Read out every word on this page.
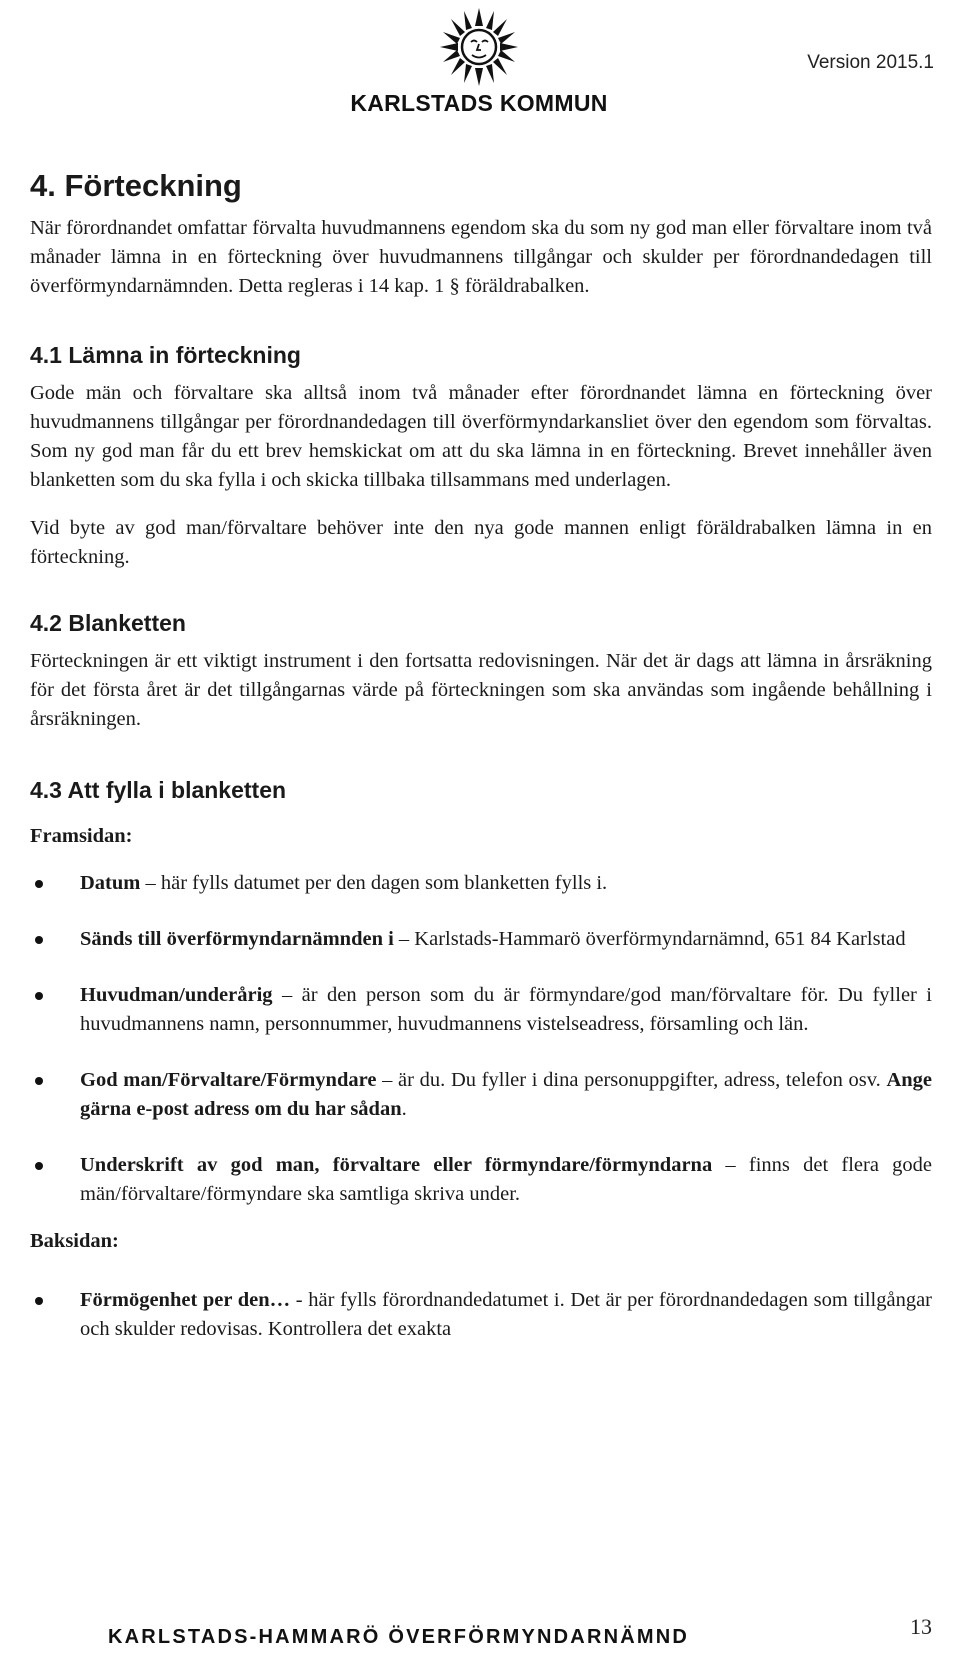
KARLSTADS KOMMUN
Version 2015.1
4. Förteckning

När förordnandet omfattar förvalta huvudmannens egendom ska du som ny god man eller förvaltare inom två månader lämna in en förteckning över huvudmannens tillgångar och skulder per förordnandedagen till överförmyndarnämnden. Detta regleras i 14 kap. 1 § föräldrabalken.

4.1 Lämna in förteckning

Gode män och förvaltare ska alltså inom två månader efter förordnandet lämna en förteckning över huvudmannens tillgångar per förordnandedagen till överförmyndarkansliet över den egendom som förvaltas. Som ny god man får du ett brev hemskickat om att du ska lämna in en förteckning. Brevet innehåller även blanketten som du ska fylla i och skicka tillbaka tillsammans med underlagen.

Vid byte av god man/förvaltare behöver inte den nya gode mannen enligt föräldrabalken lämna in en förteckning.

4.2 Blanketten

Förteckningen är ett viktigt instrument i den fortsatta redovisningen. När det är dags att lämna in årsräkning för det första året är det tillgångarnas värde på förteckningen som ska användas som ingående behållning i årsräkningen.

4.3 Att fylla i blanketten
Framsidan:
Datum – här fylls datumet per den dagen som blanketten fylls i.
Sänds till överförmyndarnämnden i – Karlstads-Hammarö överförmyndarnämnd, 651 84 Karlstad
Huvudman/underårig – är den person som du är förmyndare/god man/förvaltare för. Du fyller i huvudmannens namn, personnummer, huvudmannens vistelseadress, församling och län.
God man/Förvaltare/Förmyndare – är du. Du fyller i dina personuppgifter, adress, telefon osv. Ange gärna e-post adress om du har sådan.
Underskrift av god man, förvaltare eller förmyndare/förmyndarna – finns det flera gode män/förvaltare/förmyndare ska samtliga skriva under.
Baksidan:
Förmögenhet per den… - här fylls förordnandedatumet i. Det är per förordnandedagen som tillgångar och skulder redovisas. Kontrollera det exakta
KARLSTADS-HAMMARÖ ÖVERFÖRMYNDARNÄMND	13
